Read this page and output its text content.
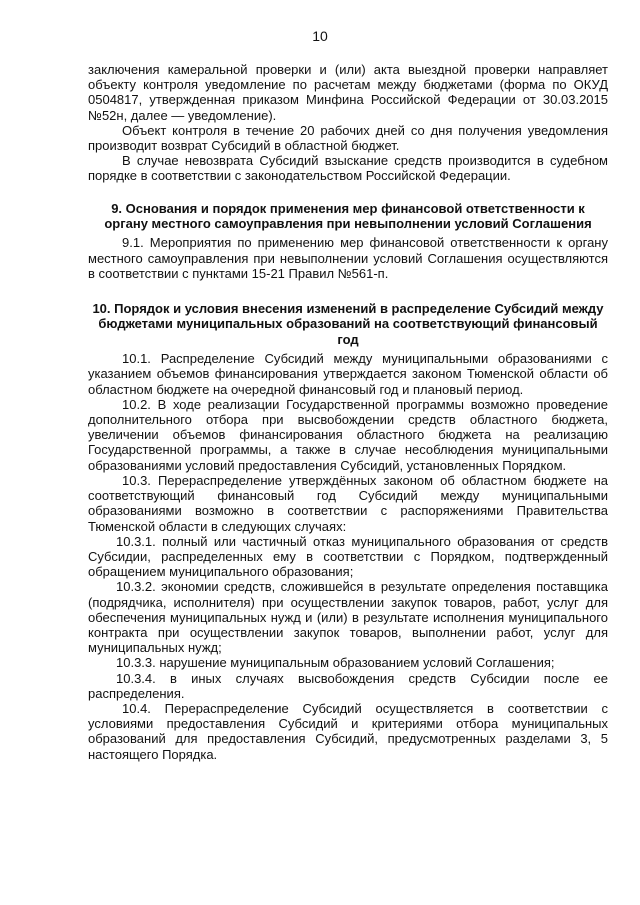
10

заключения камеральной проверки и (или) акта выездной проверки направляет объекту контроля уведомление по расчетам между бюджетами (форма по ОКУД 0504817, утвержденная приказом Минфина Российской Федерации от 30.03.2015 №52н, далее — уведомление).

Объект контроля в течение 20 рабочих дней со дня получения уведомления производит возврат Субсидий в областной бюджет.

В случае невозврата Субсидий взыскание средств производится в судебном порядке в соответствии с законодательством Российской Федерации.

9. Основания и порядок применения мер финансовой ответственности к органу местного самоуправления при невыполнении условий Соглашения

9.1. Мероприятия по применению мер финансовой ответственности к органу местного самоуправления при невыполнении условий Соглашения осуществляются в соответствии с пунктами 15-21 Правил №561-п.

10. Порядок и условия внесения изменений в распределение Субсидий между бюджетами муниципальных образований на соответствующий финансовый год

10.1. Распределение Субсидий между муниципальными образованиями с указанием объемов финансирования утверждается законом Тюменской области об областном бюджете на очередной финансовый год и плановый период.

10.2. В ходе реализации Государственной программы возможно проведение дополнительного отбора при высвобождении средств областного бюджета, увеличении объемов финансирования областного бюджета на реализацию Государственной программы, а также в случае несоблюдения муниципальными образованиями условий предоставления Субсидий, установленных Порядком.

10.3. Перераспределение утверждённых законом об областном бюджете на соответствующий финансовый год Субсидий между муниципальными образованиями возможно в соответствии с распоряжениями Правительства Тюменской области в следующих случаях:

10.3.1. полный или частичный отказ муниципального образования от средств Субсидии, распределенных ему в соответствии с Порядком, подтвержденный обращением муниципального образования;

10.3.2. экономии средств, сложившейся в результате определения поставщика (подрядчика, исполнителя) при осуществлении закупок товаров, работ, услуг для обеспечения муниципальных нужд и (или) в результате исполнения муниципального контракта при осуществлении закупок товаров, выполнении работ, услуг для муниципальных нужд;

10.3.3. нарушение муниципальным образованием условий Соглашения;

10.3.4. в иных случаях высвобождения средств Субсидии после ее распределения.

10.4. Перераспределение Субсидий осуществляется в соответствии с условиями предоставления Субсидий и критериями отбора муниципальных образований для предоставления Субсидий, предусмотренных разделами 3, 5 настоящего Порядка.
